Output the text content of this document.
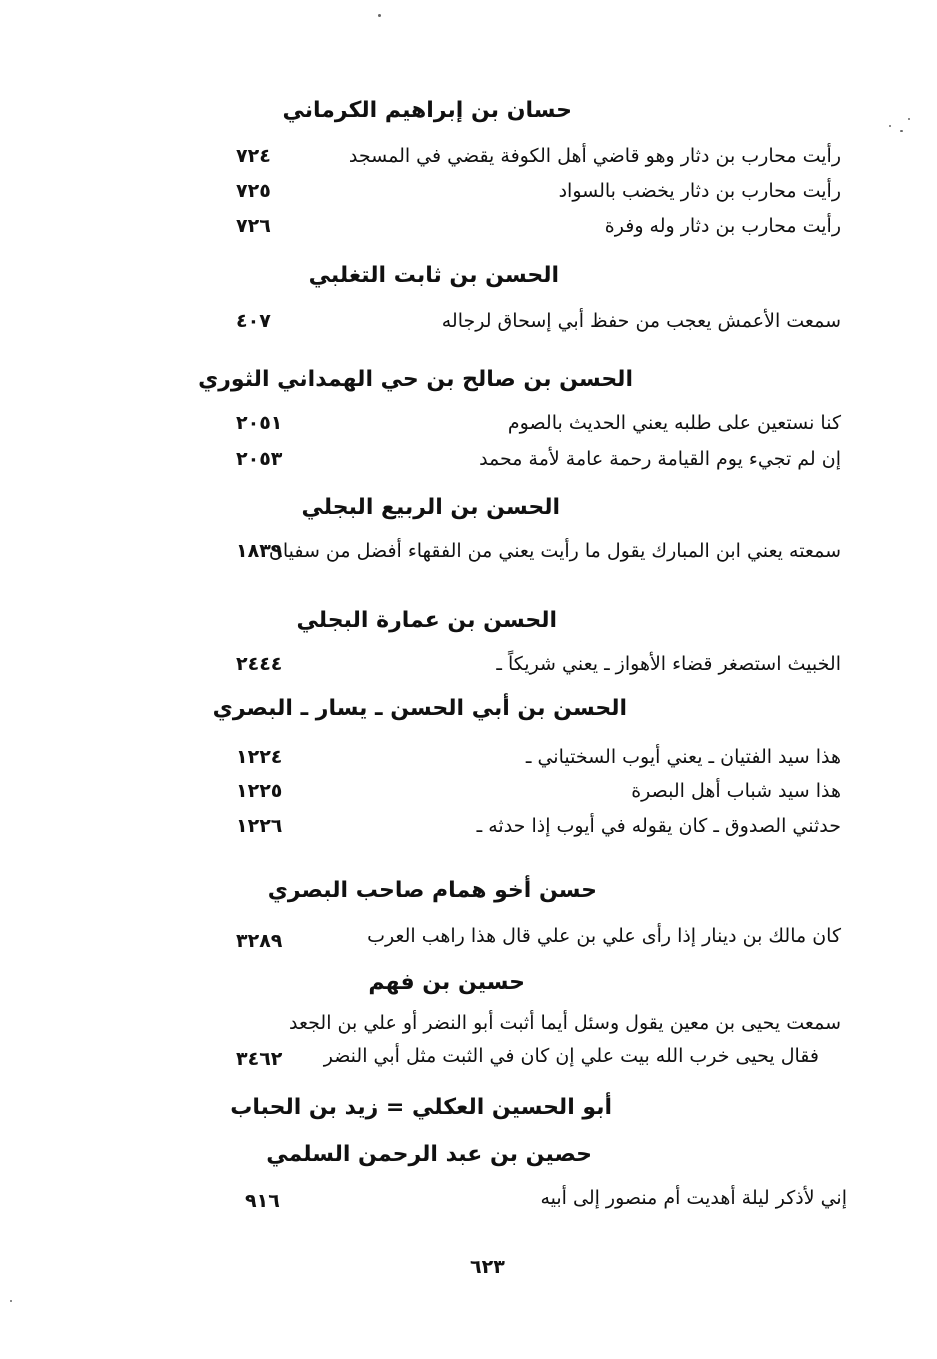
حسان بن إبراهيم الكرماني
رأيت محارب بن دثار وهو قاضي أهل الكوفة يقضي في المسجد
٧٢٤
رأيت محارب بن دثار يخضب بالسواد
٧٢٥
رأيت محارب بن دثار وله وفرة
٧٢٦
الحسن بن ثابت التغلبي
سمعت الأعمش يعجب من حفظ أبي إسحاق لرجاله
٤٠٧
الحسن بن صالح بن حي الهمداني الثوري
كنا نستعين على طلبه يعني الحديث بالصوم
٢٠٥١
إن لم تجيء يوم القيامة رحمة عامة لأمة محمد
٢٠٥٣
الحسن بن الربيع البجلي
سمعته يعني ابن المبارك يقول ما رأيت يعني من الفقهاء أفضل من سفيان
١٨٣٩
الحسن بن عمارة البجلي
الخبيث استصغر قضاء الأهواز ـ يعني شريكاً ـ
٢٤٤٤
الحسن بن أبي الحسن ـ يسار ـ البصري
هذا سيد الفتيان ـ يعني أيوب السختياني ـ
١٢٢٤
هذا سيد شباب أهل البصرة
١٢٢٥
حدثني الصدوق ـ كان يقوله في أيوب إذا حدثه ـ
١٢٢٦
حسن أخو همام صاحب البصري
كان مالك بن دينار إذا رأى علي بن علي قال هذا راهب العرب
٣٢٨٩
حسين بن فهم
سمعت يحيى بن معين يقول وسئل أيما أثبت أبو النضر أو علي بن الجعد
فقال يحيى خرب الله بيت علي إن كان في الثبت مثل أبي النضر
٣٤٦٢
أبو الحسين العكلي = زيد بن الحباب
حصين بن عبد الرحمن السلمي
إني لأذكر ليلة أهديت أم منصور إلى أبيه
٩١٦
٦٢٣
